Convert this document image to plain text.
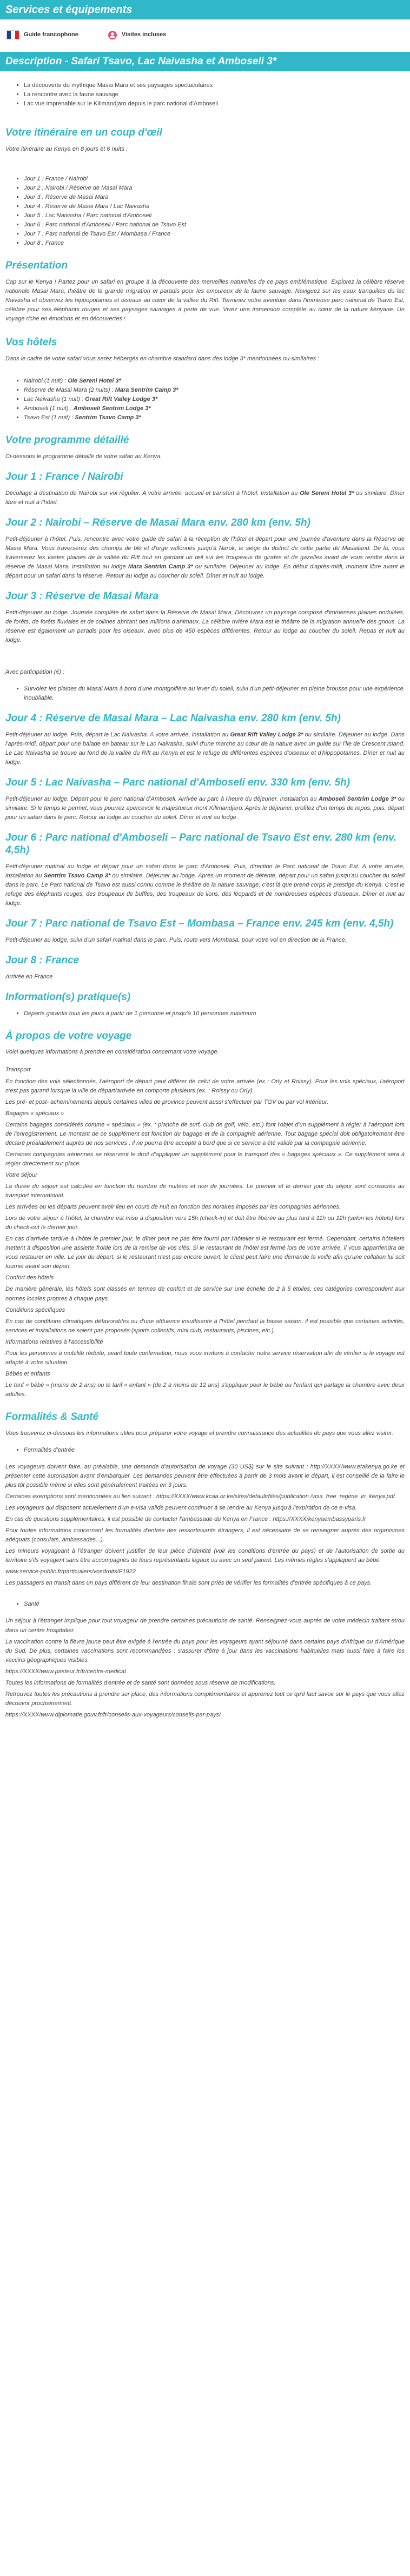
Services et équipements
Guide francophone	Visites incluses
Description - Safari Tsavo, Lac Naivasha et Amboseli 3*
▪ La découverte du mythique Masai Mara et ses paysages spectaculaires
▪ La rencontre avec la faune sauvage
▪ Lac vue imprenable sur le Kilimandjaro depuis le parc national d'Amboseli
Votre itinéraire en un coup d'œil

Votre itinéraire au Kenya en 8 jours et 6 nuits :

▪ Jour 1 : France / Nairobi
▪ Jour 2 : Nairobi / Réserve de Masai Mara
▪ Jour 3 : Réserve de Masai Mara
▪ Jour 4 : Réserve de Masai Mara / Lac Naivasha
▪ Jour 5 : Lac Naivasha / Parc national d'Amboseli
▪ Jour 6 : Parc national d'Amboseli / Parc national de Tsavo Est
▪ Jour 7 : Parc national de Tsavo Est / Mombasa / France
▪ Jour 8 : France
Présentation

Cap sur le Kenya ! Partez pour un safari en groupe à la découverte des merveilles naturelles de ce pays emblématique. Explorez la célèbre réserve nationale Masai Mara, théâtre de la grande migration et paradis pour les amoureux de la faune sauvage. Naviguez sur les eaux tranquilles du lac Naivasha et observez les hippopotames et oiseaux au cœur de la vallée du Rift. Terminez votre aventure dans l'immense parc national de Tsavo Est, célèbre pour ses éléphants rouges et ses paysages sauvages à perte de vue. Vivez une immersion complète au cœur de la nature kényane. Un voyage riche en émotions et en découvertes !

Vos hôtels

Dans le cadre de votre safari vous serez hébergés en chambre standard dans des lodge 3* mentionnées ou similaires :

▪ Nairobi (1 nuit) : Ole Sereni Hotel 3*
▪ Réserve de Masai Mara (2 nuits) : Mara Sentrim Camp 3*
▪ Lac Naivasha (1 nuit) : Great Rift Valley Lodge 3*
▪ Amboseli (1 nuit) : Amboseli Sentrim Lodge 3*
▪ Tsavo Est (1 nuit) : Sentrim Tsavo Camp 3*
Votre programme détaillé

Ci-dessous le programme détaillé de votre safari au Kenya.

Jour 1 : France / Nairobi

Décollage à destination de Nairobi sur vol régulier. A votre arrivée, accueil et transfert à l'hôtel. Installation au Ole Sereni Hotel 3* ou similaire. Dîner libre et nuit à l'hôtel.

Jour 2 : Nairobi – Réserve de Masai Mara env. 280 km (env. 5h)

Petit-déjeuner à l'hôtel. Puis, rencontre avec votre guide de safari à la réception de l'hôtel et départ pour une journée d'aventure dans la Réserve de Masai Mara. Vous traverserez des champs de blé et d'orge vallonnés jusqu'à Narok, le siège du district de cette partie du Masailand. De là, vous traverserez les vastes plaines de la vallée du Rift tout en gardant un œil sur les troupeaux de girafes et de gazelles avant de vous rendre dans la réserve de Masai Mara. Installation au lodge Mara Sentrim Camp 3* ou similaire. Déjeuner au lodge. En début d'après-midi, moment libre avant le départ pour un safari dans la réserve. Retour au lodge au coucher du soleil. Dîner et nuit au lodge.

Jour 3 : Réserve de Masai Mara

Petit-déjeuner au lodge. Journée complète de safari dans la Réserve de Masai Mara. Découvrez un paysage composé d'immenses plaines ondulées, de forêts, de forêts fluviales et de collines abritant des millions d'animaux. La célèbre rivière Mara est le théâtre de la migration annuelle des gnous. La réserve est également un paradis pour les oiseaux, avec plus de 450 espèces différentes. Retour au lodge au coucher du soleil. Repas et nuit au lodge.

Avec participation (€) :

▪ Survolez les plaines du Masai Mara à bord d'une montgolfière au lever du soleil, suivi d'un petit-déjeuner en pleine brousse pour une expérience inoubliable.
Jour 4 : Réserve de Masai Mara – Lac Naivasha env. 280 km (env. 5h)

Petit-déjeuner au lodge. Puis, départ le Lac Naivasha. A votre arrivée, installation au Great Rift Valley Lodge 3* ou similaire. Déjeuner au lodge. Dans l'après-midi, départ pour une balade en bateau sur le Lac Naivasha, suivi d'une marche au cœur de la nature avec un guide sur l'île de Crescent Island. Le Lac Naivasha se trouve au fond de la vallée du Rift au Kenya et est le refuge de différentes espèces d'oiseaux et d'hippopotames. Dîner et nuit au lodge.

Jour 5 : Lac Naivasha – Parc national d'Amboseli env. 330 km (env. 5h)

Petit-déjeuner au lodge. Départ pour le parc national d'Amboseli. Arrivée au parc à l'heure du déjeuner. Installation au Amboseli Sentrim Lodge 3* ou similaire. Si le temps le permet, vous pourrez apercevoir le majestueux mont Kilimandjaro. Après le déjeuner, profitez d'un temps de repos, puis, départ pour un safari dans le parc. Retour au lodge au coucher du soleil. Dîner et nuit au lodge.

Jour 6 : Parc national d'Amboseli – Parc national de Tsavo Est env. 280 km (env. 4,5h)

Petit-déjeuner matinal au lodge et départ pour un safari dans le parc d'Amboseli. Puis, direction le Parc national de Tsavo Est. A votre arrivée, installation au Sentrim Tsavo Camp 3* ou similaire. Déjeuner au lodge. Après un moment de détente, départ pour un safari jusqu'au coucher du soleil dans le parc. Le Parc national de Tsavo est aussi connu comme le théâtre de la nature sauvage, c'est là que prend corps le prestige du Kenya. C'est le refuge des éléphants rouges, des troupeaux de buffles, des troupeaux de lions, des léopards et de nombreuses espèces d'oiseaux. Dîner et nuit au lodge.

Jour 7 : Parc national de Tsavo Est – Mombasa – France env. 245 km (env. 4,5h)

Petit-déjeuner au lodge, suivi d'un safari matinal dans le parc. Puis, route vers Mombasa, pour votre vol en direction de la France.

Jour 8 : France

Arrivée en France

Information(s) pratique(s)
▪ Départs garantis tous les jours à partir de 1 personne et jusqu'à 10 personnes maximum
À propos de votre voyage

Voici quelques informations à prendre en considération concernant votre voyage.

Transport

En fonction des vols sélectionnés, l'aéroport de départ peut différer de celui de votre arrivée (ex : Orly et Roissy). Pour les vols spéciaux, l'aéroport n'est pas garanti lorsque la ville de départ/arrivée en comporte plusieurs (ex. : Roissy ou Orly).

Les pré- et post- acheminements depuis certaines villes de province peuvent aussi s'effectuer par TGV ou par vol intérieur.

Bagages « spéciaux »

Certains bagages considérés comme « spéciaux » (ex. : planche de surf, club de golf, vélo, etc.) font l'objet d'un supplément à régler à l'aéroport lors de l'enregistrement. Le montant de ce supplément est fonction du bagage et de la compagnie aérienne. Tout bagage spécial doit obligatoirement être déclaré préalablement auprès de nos services ; il ne pourra être accepté à bord que si ce service a été validé par la compagnie aérienne.

Certaines compagnies aériennes se réservent le droit d'appliquer un supplément pour le transport des « bagages spéciaux ». Ce supplément sera à régler directement sur place.

Votre séjour

La durée du séjour est calculée en fonction du nombre de nuitées et non de journées. Le premier et le dernier jour du séjour sont consacrés au transport international.

Les arrivées ou les départs peuvent avoir lieu en cours de nuit en fonction des horaires imposés par les compagnies aériennes.

Lors de votre séjour à l'hôtel, la chambre est mise à disposition vers 15h (check-in) et doit être libérée au plus tard à 11h ou 12h (selon les hôtels) lors du check-out le dernier jour.

En cas d'arrivée tardive à l'hôtel le premier jour, le dîner peut ne pas être fourni par l'hôtelier si le restaurant est fermé. Cependant, certains hôteliers mettent à disposition une assiette froide lors de la remise de vos clés. Si le restaurant de l'hôtel est fermé lors de votre arrivée, il vous appartiendra de vous restaurer en ville. Le jour du départ, si le restaurant n'est pas encore ouvert, le client peut faire une demande la veille afin qu'une collation lui soit fournie avant son départ.

Confort des hôtels

De manière générale, les hôtels sont classés en termes de confort et de service sur une échelle de 2 à 5 étoiles, ces catégories correspondent aux normes locales propres à chaque pays.

Conditions spécifiques

En cas de conditions climatiques défavorables ou d'une affluence insuffisante à l'hôtel pendant la basse saison, il est possible que certaines activités, services et installations ne soient pas proposés (sports collectifs, mini club, restaurants, piscines, etc.).

Informations relatives à l'accessibilité

Pour les personnes à mobilité réduite, avant toute confirmation, nous vous invitons à contacter notre service réservation afin de vérifier si le voyage est adapté à votre situation.

Bébés et enfants

Le tarif « bébé » (moins de 2 ans) ou le tarif « enfant » (de 2 à moins de 12 ans) s'applique pour le bébé ou l'enfant qui partage la chambre avec deux adultes.

Formalités & Santé

Vous trouverez ci-dessous les informations utiles pour préparer votre voyage et prendre connaissance des actualités du pays que vous allez visiter.

• Formalités d'entrée

Les voyageurs doivent faire, au préalable, une demande d'autorisation de voyage (30 US$) sur le site suivant : http://XXXX/www.etakenya.go.ke et présenter cette autorisation avant d'embarquer. Les demandes peuvent être effectuées à partir de 3 mois avant le départ, il est conseillé de la faire le plus tôt possible même si elles sont généralement traitées en 3 jours.

Certaines exemptions sont mentionnées au lien suivant : https://XXXX/www.kcaa.or.ke/sites/default/files/publication /visa_free_regime_in_kenya.pdf

Les voyageurs qui disposent actuellement d'un e-visa valide peuvent continuer à se rendre au Kenya jusqu'à l'expiration de ce e-visa.

En cas de questions supplémentaires, il est possible de contacter l'ambassade du Kenya en France : https://XXXX/kenyaembassyparis.fr

Pour toutes informations concernant les formalités d'entrée des ressortissants étrangers, il est nécessaire de se renseigner auprès des organismes adéquats (consulats, ambassades...).

Les mineurs voyageant à l'étranger doivent justifier de leur pièce d'identité (voir les conditions d'entrée du pays) et de l'autorisation de sortie du territoire s'ils voyagent sans être accompagnés de leurs représentants légaux ou avec un seul parent. Les mêmes règles s'appliquent au bébé.

www.service-public.fr/particuliers/vosdroits/F1922

Les passagers en transit dans un pays différent de leur destination finale sont priés de vérifier les formalités d'entrée spécifiques à ce pays.

• Santé

Un séjour à l'étranger implique pour tout voyageur de prendre certaines précautions de santé. Renseignez-vous auprès de votre médecin traitant et/ou dans un centre hospitalier.

La vaccination contre la fièvre jaune peut être exigée à l'entrée du pays pour les voyageurs ayant séjourné dans certains pays d'Afrique ou d'Amérique du Sud. De plus, certaines vaccinations sont recommandées : s'assurer d'être à jour dans les vaccinations habituelles mais aussi faire à faire les vaccins géographiques visibles.

https://XXXX/www.pasteur.fr/fr/centre-medical

Toutes les informations de formalités d'entrée et de santé sont données sous réserve de modifications.

Retrouvez toutes les précautions à prendre sur place, des informations complémentaires et apprenez tout ce qu'il faut savoir sur le pays que vous allez découvrir prochainement.

https://XXXX/www.diplomatie.gouv.fr/fr/conseils-aux-voyageurs/conseils-par-pays/
